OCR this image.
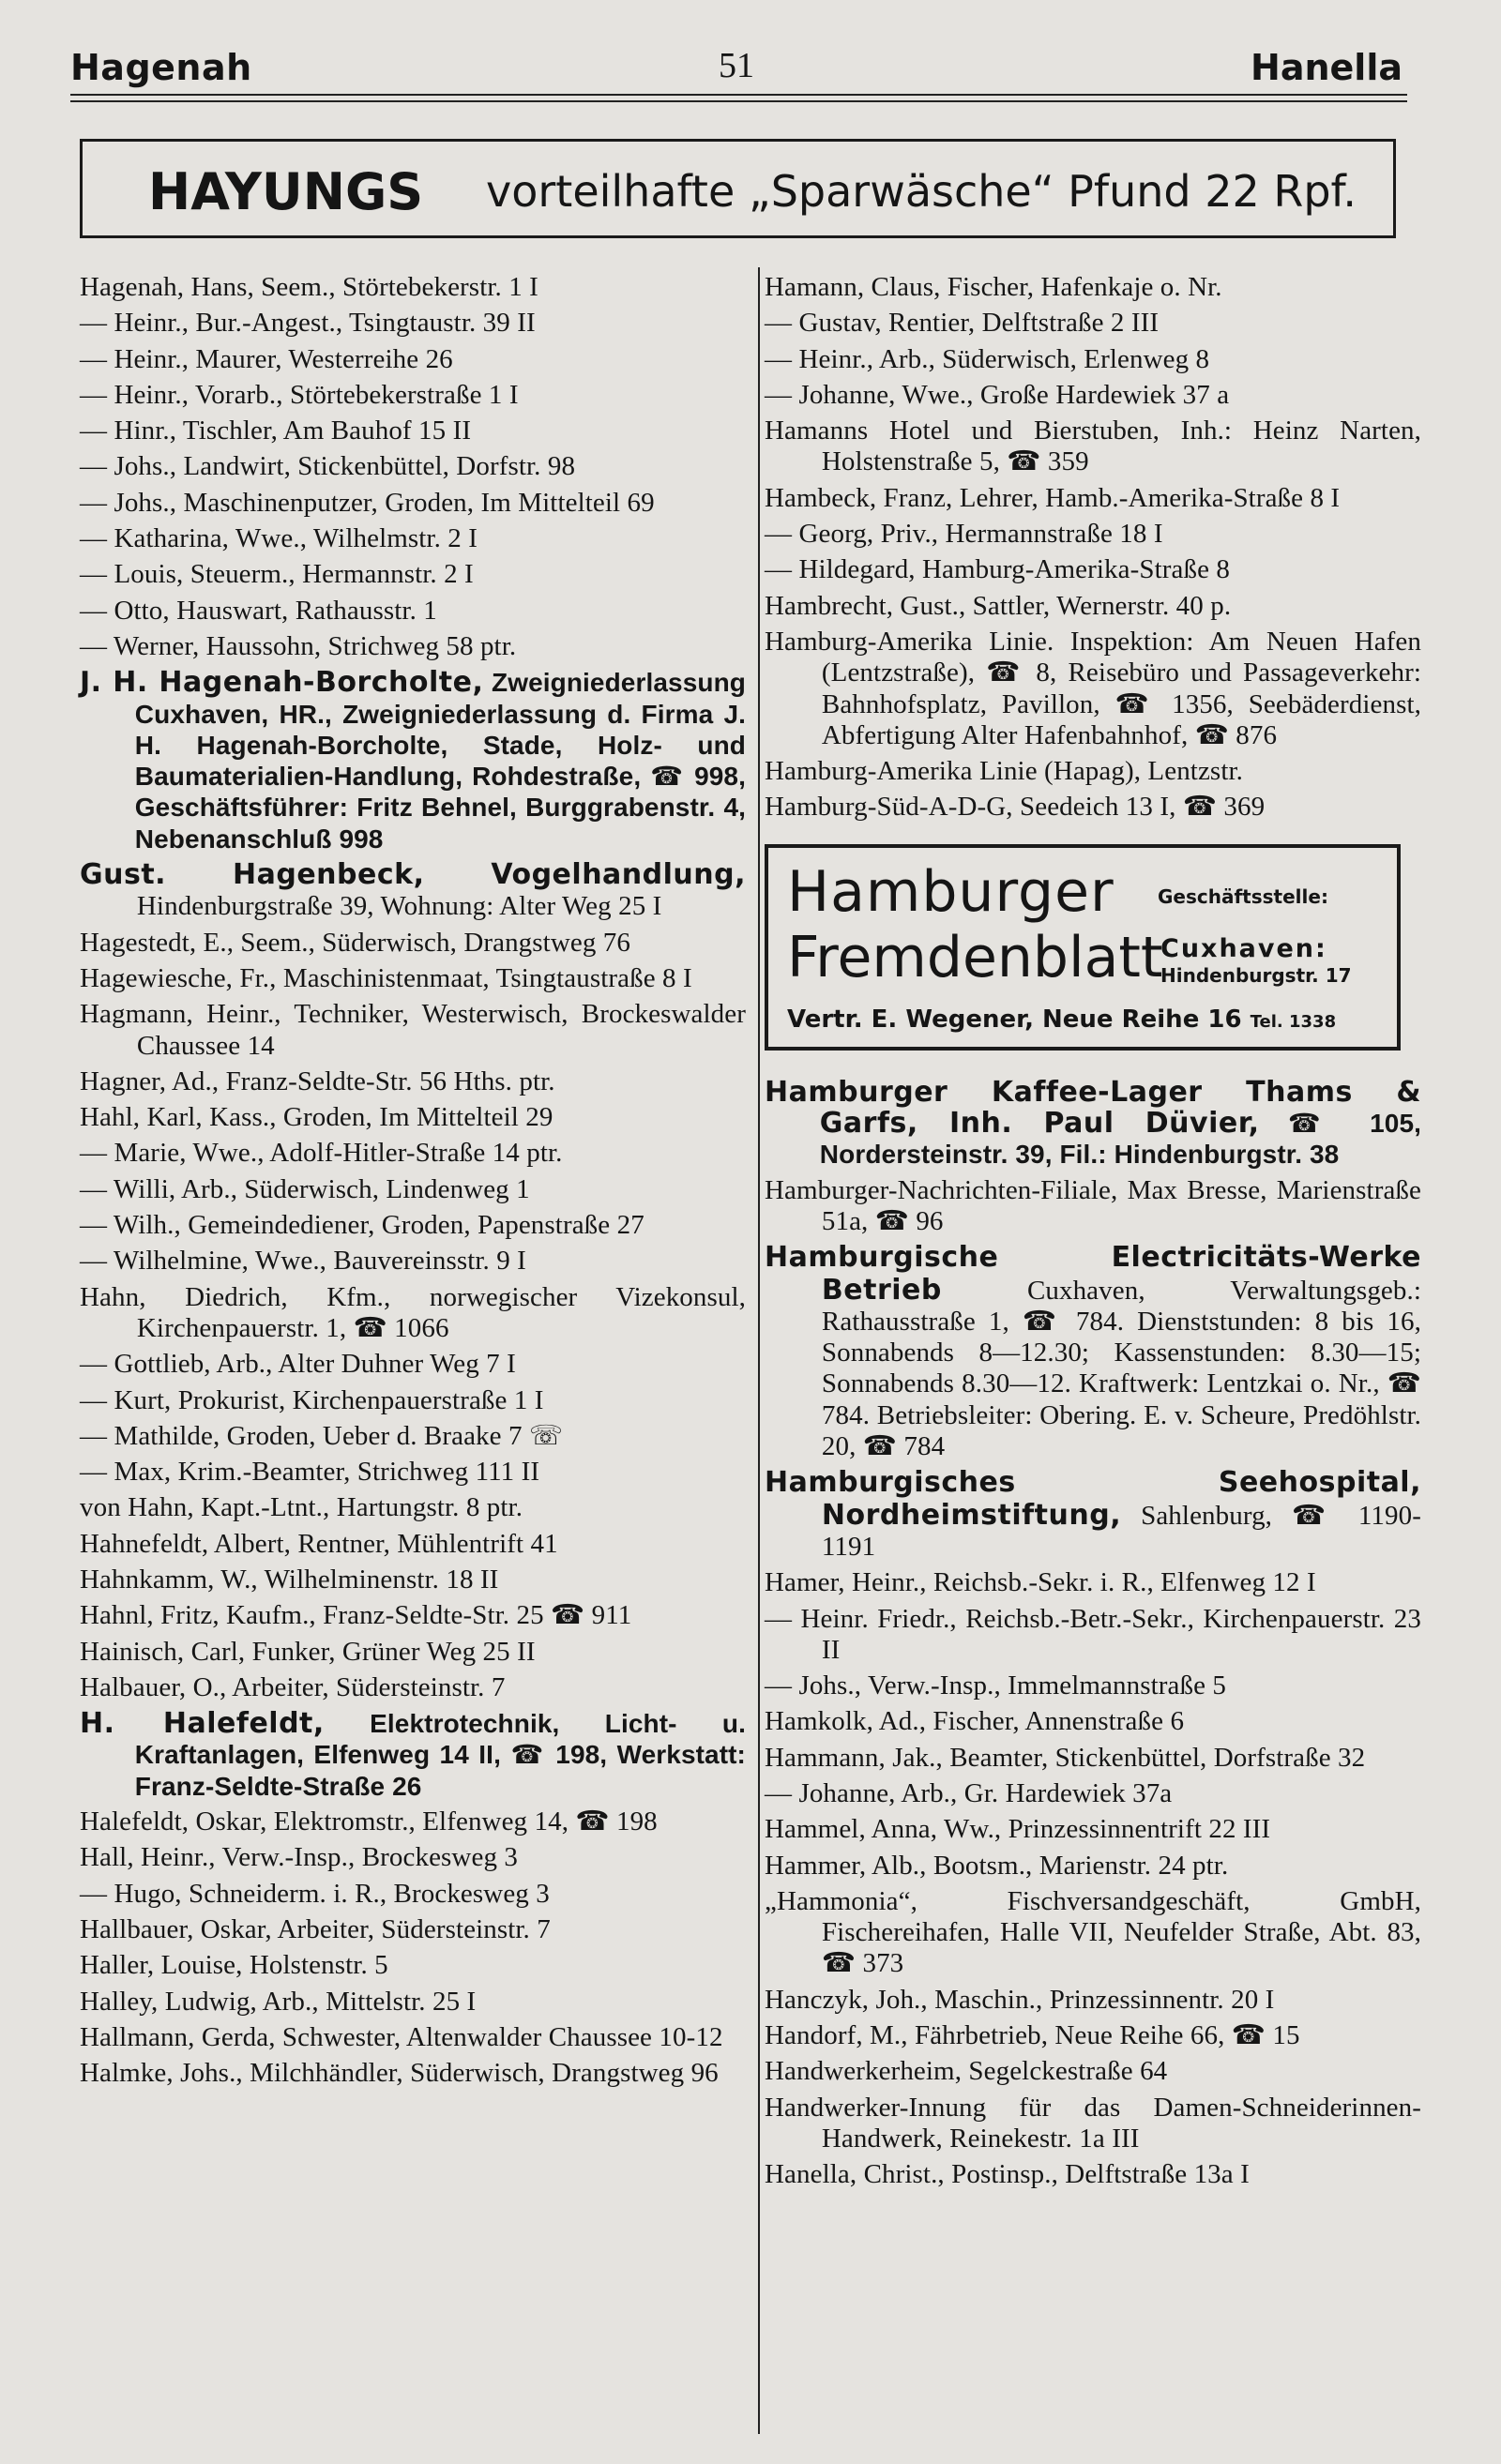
Hagenah	51	Hanella
HAYUNGS vorteilhafte „Sparwäsche“ Pfund 22 Rpf.

Hagenah, Hans, Seem., Störtebekerstr. 1 I

— Heinr., Bur.-Angest., Tsingtaustr. 39 II

— Heinr., Maurer, Westerreihe 26

— Heinr., Vorarb., Störtebekerstraße 1 I

— Hinr., Tischler, Am Bauhof 15 II

— Johs., Landwirt, Stickenbüttel, Dorfstr. 98

— Johs., Maschinenputzer, Groden, Im Mittelteil 69

— Katharina, Wwe., Wilhelmstr. 2 I

— Louis, Steuerm., Hermannstr. 2 I

— Otto, Hauswart, Rathausstr. 1

— Werner, Haussohn, Strichweg 58 ptr.

J. H. Hagenah-Borcholte, Zweigniederlassung Cuxhaven, HR., Zweigniederlassung d. Firma J. H. Hagenah-Borcholte, Stade, Holz- und Baumaterialien-Handlung, Rohdestraße, ☎ 998, Geschäftsführer: Fritz Behnel, Burggrabenstr. 4, Nebenanschluß 998

Gust. Hagenbeck, Vogelhandlung, Hindenburgstraße 39, Wohnung: Alter Weg 25 I

Hagestedt, E., Seem., Süderwisch, Drangstweg 76

Hagewiesche, Fr., Maschinistenmaat, Tsingtaustraße 8 I

Hagmann, Heinr., Techniker, Westerwisch, Brockeswalder Chaussee 14

Hagner, Ad., Franz-Seldte-Str. 56 Hths. ptr.

Hahl, Karl, Kass., Groden, Im Mittelteil 29

— Marie, Wwe., Adolf-Hitler-Straße 14 ptr.

— Willi, Arb., Süderwisch, Lindenweg 1

— Wilh., Gemeindediener, Groden, Papenstraße 27

— Wilhelmine, Wwe., Bauvereinsstr. 9 I

Hahn, Diedrich, Kfm., norwegischer Vizekonsul, Kirchenpauerstr. 1, ☎ 1066

— Gottlieb, Arb., Alter Duhner Weg 7 I

— Kurt, Prokurist, Kirchenpauerstraße 1 I

— Mathilde, Groden, Ueber d. Braake 7 ☏

— Max, Krim.-Beamter, Strichweg 111 II

von Hahn, Kapt.-Ltnt., Hartungstr. 8 ptr.

Hahnefeldt, Albert, Rentner, Mühlentrift 41

Hahnkamm, W., Wilhelminenstr. 18 II

Hahnl, Fritz, Kaufm., Franz-Seldte-Str. 25 ☎ 911

Hainisch, Carl, Funker, Grüner Weg 25 II

Halbauer, O., Arbeiter, Südersteinstr. 7

H. Halefeldt, Elektrotechnik, Licht- u. Kraftanlagen, Elfenweg 14 II, ☎ 198, Werkstatt: Franz-Seldte-Straße 26

Halefeldt, Oskar, Elektromstr., Elfenweg 14, ☎ 198

Hall, Heinr., Verw.-Insp., Brockesweg 3

— Hugo, Schneiderm. i. R., Brockesweg 3

Hallbauer, Oskar, Arbeiter, Südersteinstr. 7

Haller, Louise, Holstenstr. 5

Halley, Ludwig, Arb., Mittelstr. 25 I

Hallmann, Gerda, Schwester, Altenwalder Chaussee 10-12

Halmke, Johs., Milchhändler, Süderwisch, Drangstweg 96

Hamann, Claus, Fischer, Hafenkaje o. Nr.

— Gustav, Rentier, Delftstraße 2 III

— Heinr., Arb., Süderwisch, Erlenweg 8

— Johanne, Wwe., Große Hardewiek 37 a

Hamanns Hotel und Bierstuben, Inh.: Heinz Narten, Holstenstraße 5, ☎ 359

Hambeck, Franz, Lehrer, Hamb.-Amerika-Straße 8 I

— Georg, Priv., Hermannstraße 18 I

— Hildegard, Hamburg-Amerika-Straße 8

Hambrecht, Gust., Sattler, Wernerstr. 40 p.

Hamburg-Amerika Linie. Inspektion: Am Neuen Hafen (Lentzstraße), ☎ 8, Reisebüro und Passageverkehr: Bahnhofsplatz, Pavillon, ☎ 1356, Seebäderdienst, Abfertigung Alter Hafenbahnhof, ☎ 876

Hamburg-Amerika Linie (Hapag), Lentzstr.

Hamburg-Süd-A-D-G, Seedeich 13 I, ☎ 369

Hamburger
Fremdenblatt
Geschäftsstelle:
Cuxhaven:
Hindenburgstr. 17
Vertr. E. Wegener, Neue Reihe 16 Tel. 1338

Hamburger Kaffee-Lager Thams & Garfs, Inh. Paul Düvier, ☎ 105, Nordersteinstr. 39, Fil.: Hindenburgstr. 38

Hamburger-Nachrichten-Filiale, Max Bresse, Marienstraße 51a, ☎ 96

Hamburgische Electricitäts-Werke Betrieb	Cuxhaven, Verwaltungsgeb.: Rathausstraße 1, ☎ 784. Dienststunden: 8 bis 16, Sonnabends 8—12.30; Kassenstunden: 8.30—15; Sonnabends 8.30—12. Kraftwerk: Lentzkai o. Nr., ☎ 784. Betriebsleiter: Obering. E. v. Scheure, Predöhlstr. 20, ☎ 784

Hamburgisches Seehospital, Nordheimstiftung, Sahlenburg, ☎ 1190-1191

Hamer, Heinr., Reichsb.-Sekr. i. R., Elfenweg 12 I

— Heinr. Friedr., Reichsb.-Betr.-Sekr., Kirchenpauerstr. 23 II

— Johs., Verw.-Insp., Immelmannstraße 5

Hamkolk, Ad., Fischer, Annenstraße 6

Hammann, Jak., Beamter, Stickenbüttel, Dorfstraße 32

— Johanne, Arb., Gr. Hardewiek 37a

Hammel, Anna, Ww., Prinzessinnentrift 22 III

Hammer, Alb., Bootsm., Marienstr. 24 ptr.

„Hammonia“, Fischversandgeschäft, GmbH, Fischereihafen, Halle VII, Neufelder Straße, Abt. 83, ☎ 373

Hanczyk, Joh., Maschin., Prinzessinnentr. 20 I

Handorf, M., Fährbetrieb, Neue Reihe 66, ☎ 15

Handwerkerheim, Segelckestraße 64

Handwerker-Innung für das Damen-Schneiderinnen-Handwerk, Reinekestr. 1a III

Hanella, Christ., Postinsp., Delftstraße 13a I
